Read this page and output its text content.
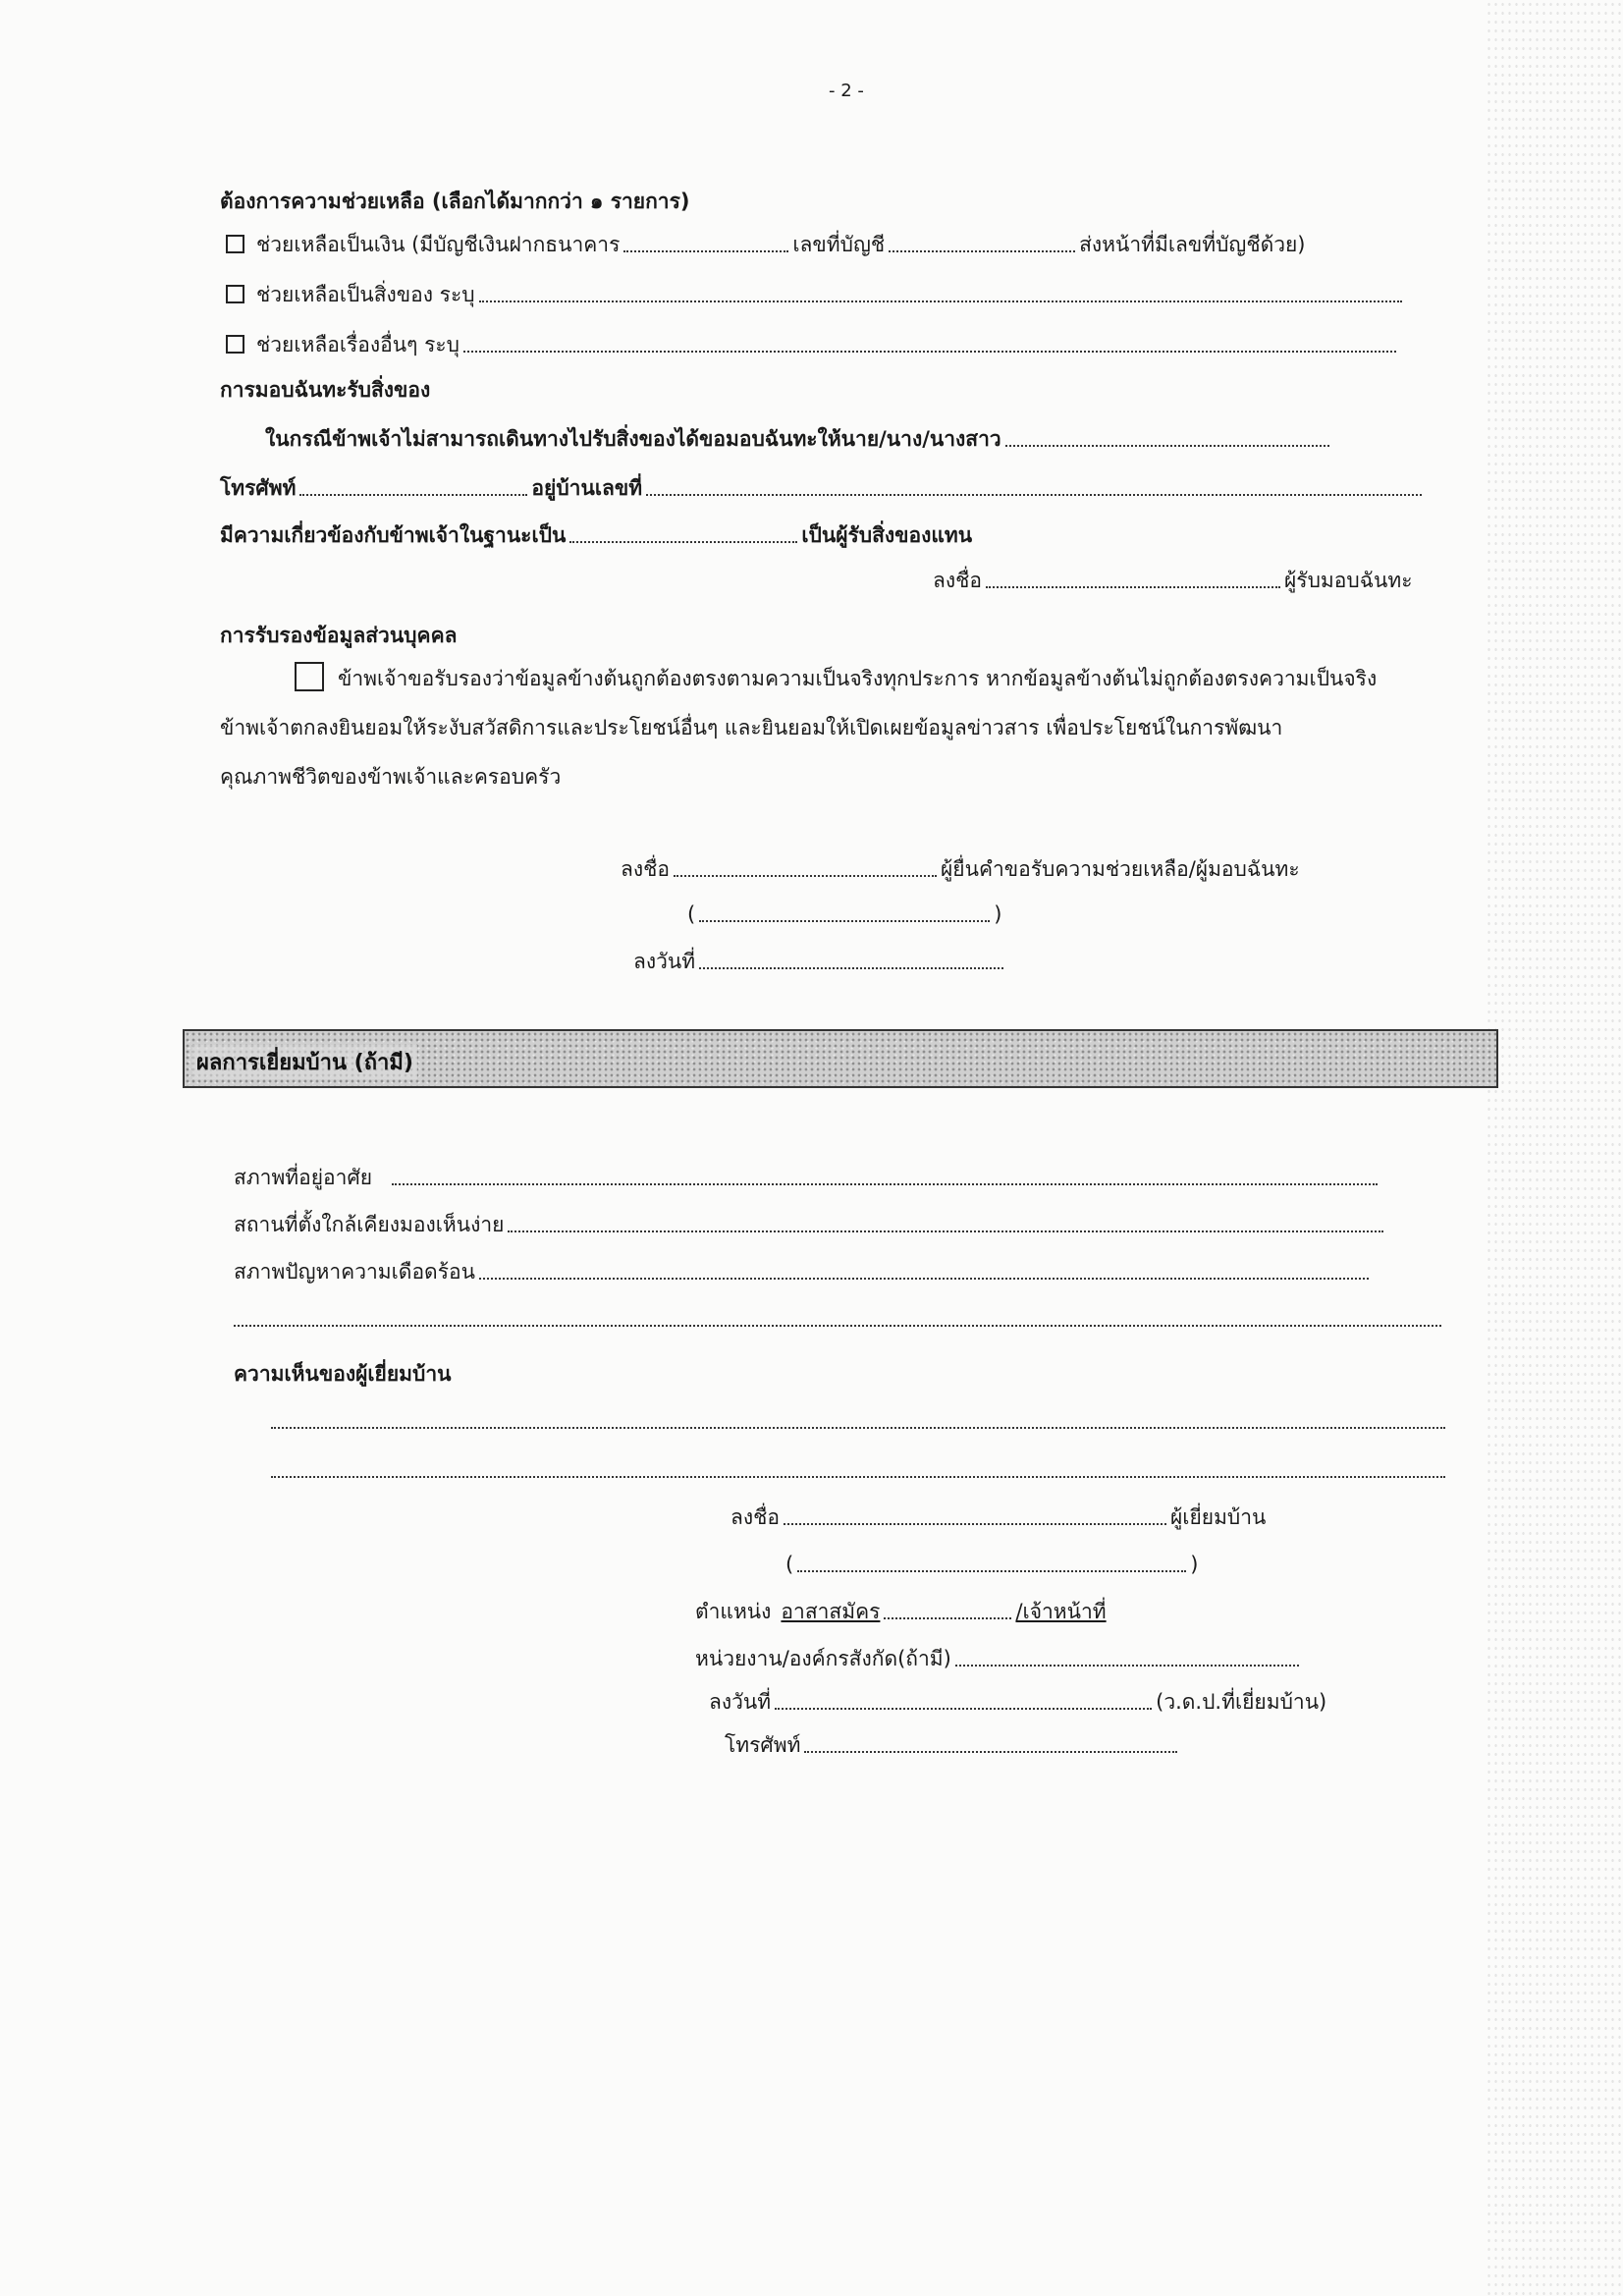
- 2 -
ต้องการความช่วยเหลือ (เลือกได้มากกว่า ๑ รายการ)
ช่วยเหลือเป็นเงิน (มีบัญชีเงินฝากธนาคาร	เลขที่บัญชี	ส่งหน้าที่มีเลขที่บัญชีด้วย)
ช่วยเหลือเป็นสิ่งของ ระบุ
ช่วยเหลือเรื่องอื่นๆ ระบุ
การมอบฉันทะรับสิ่งของ
ในกรณีข้าพเจ้าไม่สามารถเดินทางไปรับสิ่งของได้ขอมอบฉันทะให้นาย/นาง/นางสาว
โทรศัพท์	อยู่บ้านเลขที่
มีความเกี่ยวข้องกับข้าพเจ้าในฐานะเป็น	เป็นผู้รับสิ่งของแทน
ลงชื่อ	ผู้รับมอบฉันทะ
การรับรองข้อมูลส่วนบุคคล
ข้าพเจ้าขอรับรองว่าข้อมูลข้างต้นถูกต้องตรงตามความเป็นจริงทุกประการ หากข้อมูลข้างต้นไม่ถูกต้องตรงความเป็นจริง
ข้าพเจ้าตกลงยินยอมให้ระงับสวัสดิการและประโยชน์อื่นๆ และยินยอมให้เปิดเผยข้อมูลข่าวสาร เพื่อประโยชน์ในการพัฒนา
คุณภาพชีวิตของข้าพเจ้าและครอบครัว
ลงชื่อ	ผู้ยื่นคำขอรับความช่วยเหลือ/ผู้มอบฉันทะ
(	)
ลงวันที่
ผลการเยี่ยมบ้าน (ถ้ามี)
สภาพที่อยู่อาศัย
สถานที่ตั้งใกล้เคียงมองเห็นง่าย
สภาพปัญหาความเดือดร้อน
ความเห็นของผู้เยี่ยมบ้าน
ลงชื่อ	ผู้เยี่ยมบ้าน
(	)
ตำแหน่ง อาสาสมัคร	/เจ้าหน้าที่
หน่วยงาน/องค์กรสังกัด(ถ้ามี)
ลงวันที่	(ว.ด.ป.ที่เยี่ยมบ้าน)
โทรศัพท์
